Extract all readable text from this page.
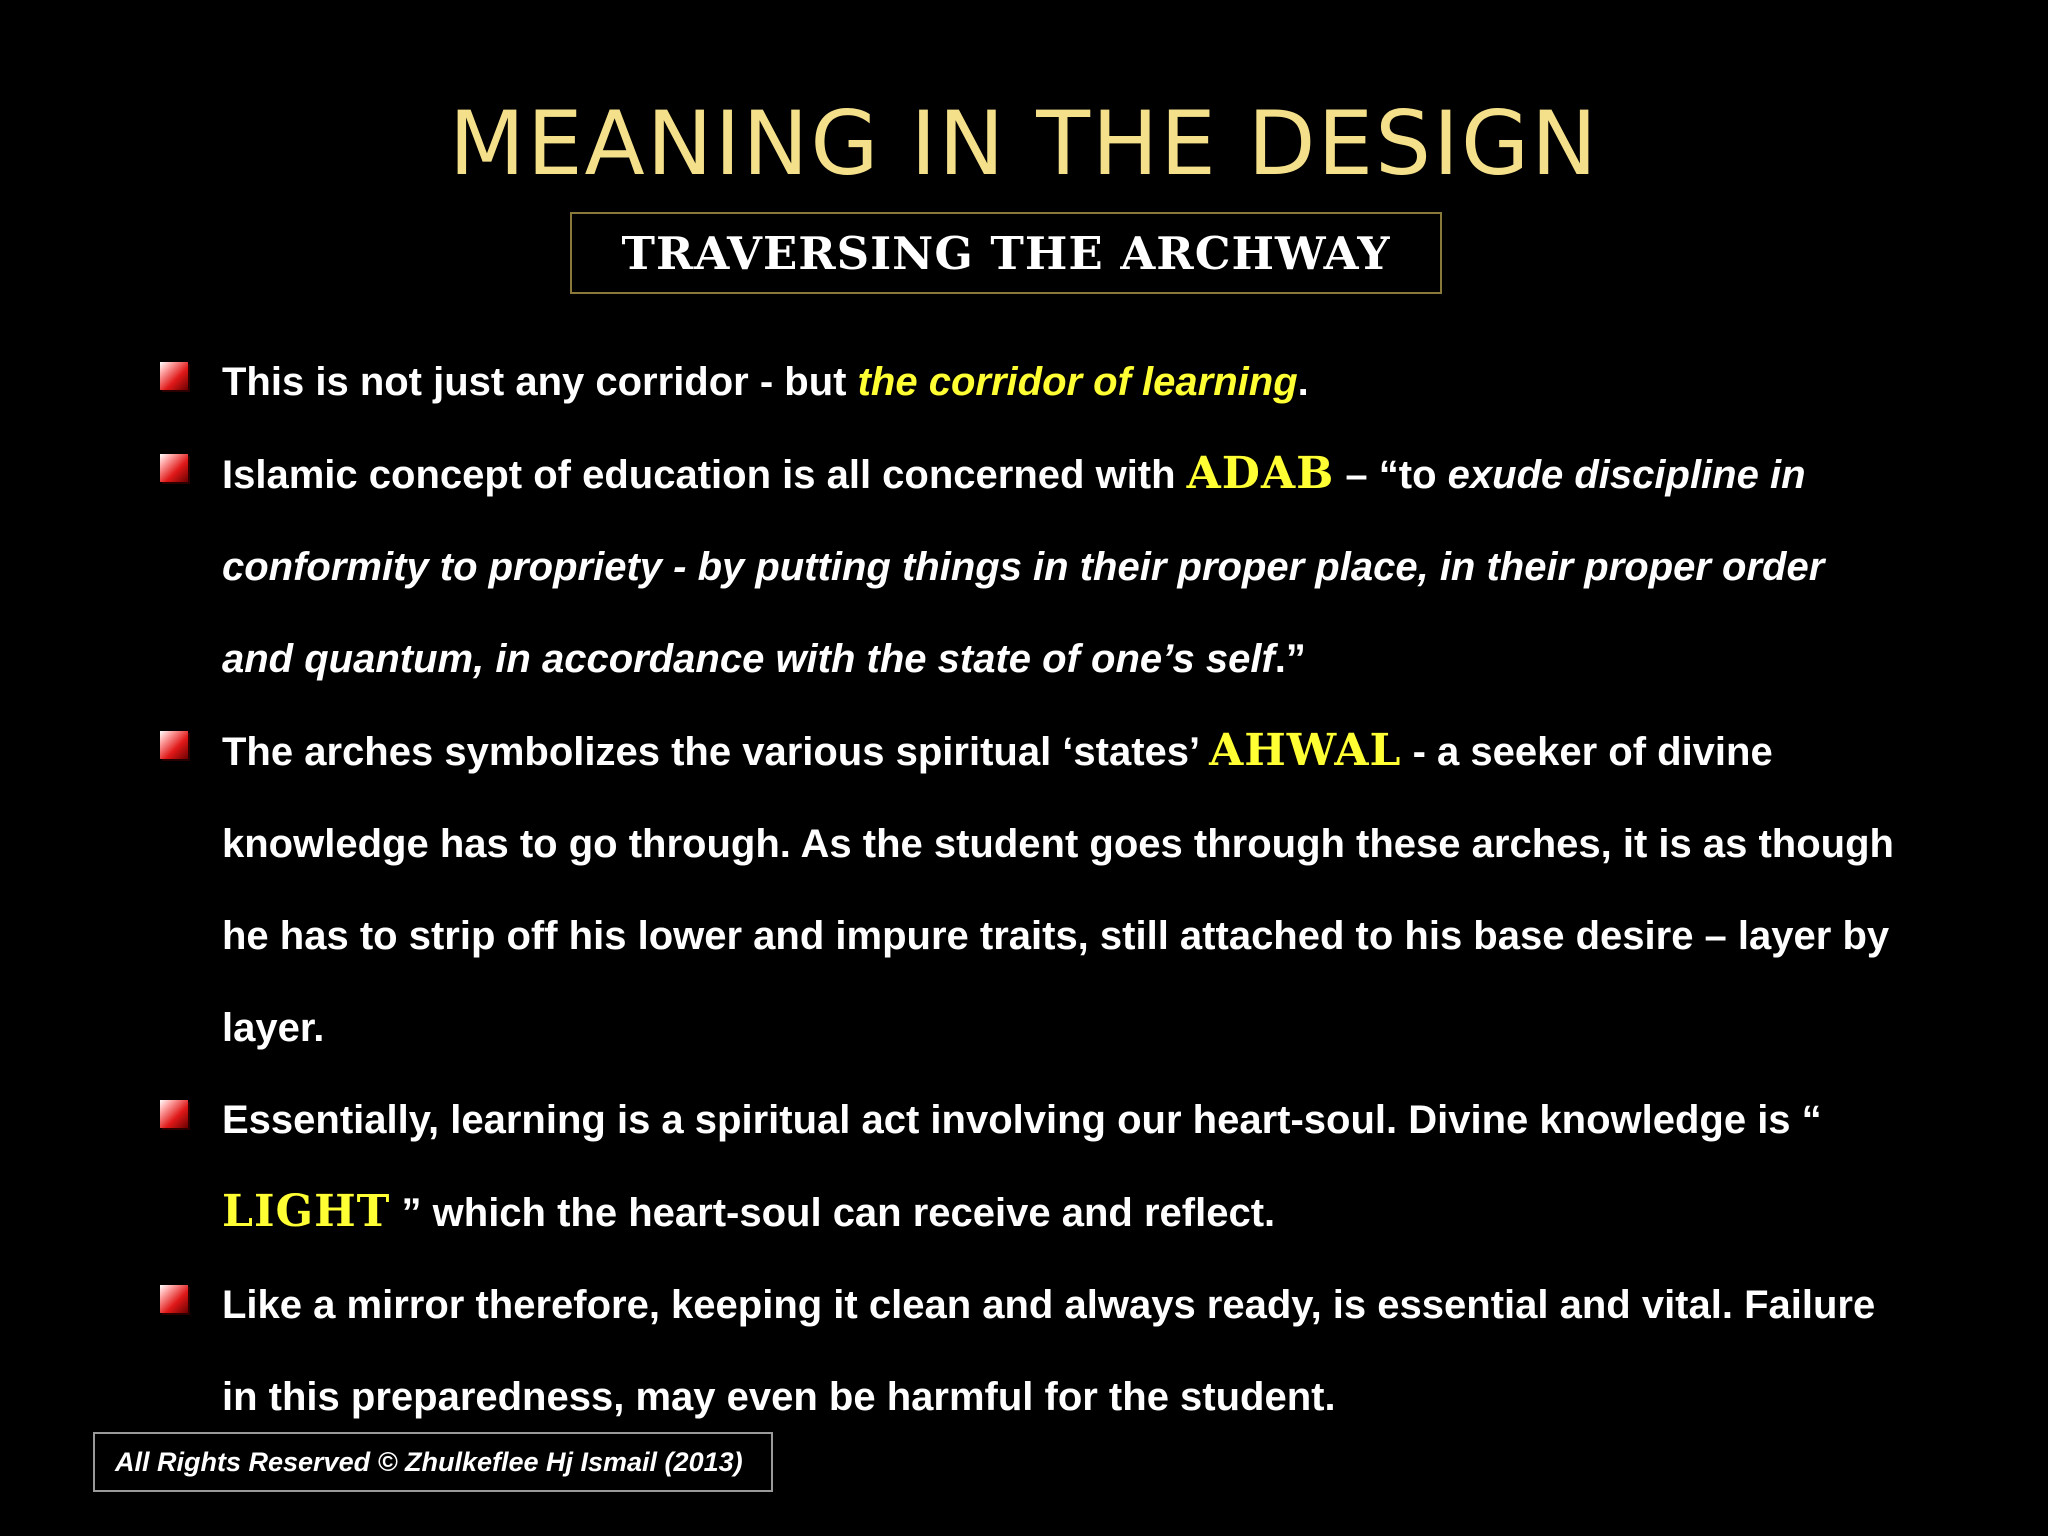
MEANING IN THE DESIGN
TRAVERSING THE ARCHWAY
This is not just any corridor - but the corridor of learning.
Islamic concept of education is all concerned with ADAB – “to exude discipline in conformity to propriety - by putting things in their proper place, in their proper order and quantum, in accordance with the state of one’s self.”
The arches symbolizes the various spiritual ‘states’ AHWAL - a seeker of divine knowledge has to go through. As the student goes through these arches, it is as though he has to strip off his lower and impure traits, still attached to his base desire – layer by layer.
Essentially, learning is a spiritual act involving our heart-soul. Divine knowledge is “ LIGHT ” which the heart-soul can receive and reflect.
Like a mirror therefore, keeping it clean and always ready, is essential and vital. Failure in this preparedness, may even be harmful for the student.
All Rights Reserved © Zhulkeflee Hj Ismail (2013)
